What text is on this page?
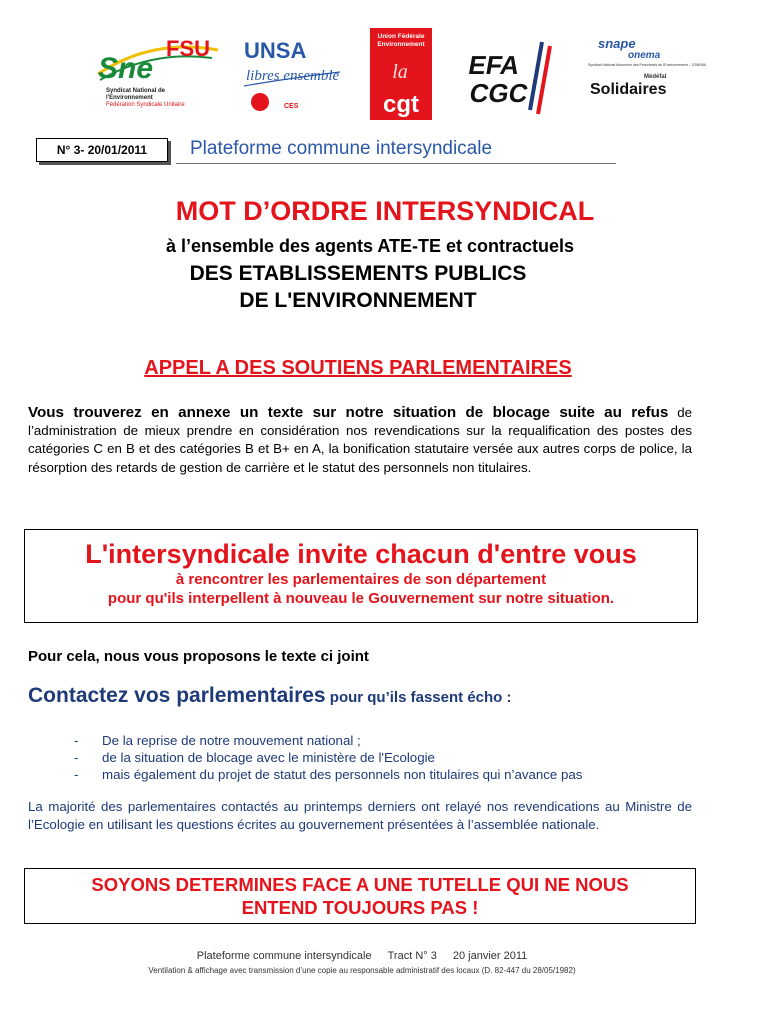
Sne
FSU
Syndicat National de
l'Environnement
Fédération Syndicale Unitaire
UNSA
libres ensemble
CES
Union Fédérale
Environnement
la
cgt
EFA
CGC
snape
onema
Syndicat National Autonome des Personnels de l'Environnement – l'ONEMA
Médéfal
Solidaires
N° 3- 20/01/2011	Plateforme commune intersyndicale
MOT D’ORDRE INTERSYNDICAL
à l’ensemble des agents ATE-TE et contractuels
DES ETABLISSEMENTS PUBLICS
DE L'ENVIRONNEMENT
APPEL A DES SOUTIENS PARLEMENTAIRES
Vous trouverez en annexe un texte sur notre situation de blocage suite au refus de l’administration de mieux prendre en considération nos revendications sur la requalification des postes des catégories C en B et des catégories B et B+ en A, la bonification statutaire versée aux autres corps de police, la résorption des retards de gestion de carrière et le statut des personnels non titulaires.
L'intersyndicale invite chacun d'entre vous
à rencontrer les parlementaires de son département
pour qu'ils interpellent à nouveau le Gouvernement sur notre situation.
Pour cela, nous vous proposons le texte ci joint
Contactez vos parlementaires pour qu’ils fassent écho :
- De la reprise de notre mouvement national ;
- de la situation de blocage avec le ministère de l'Ecologie
- mais également du projet de statut des personnels non titulaires qui n’avance pas
La majorité des parlementaires contactés au printemps derniers ont relayé nos revendications au Ministre de l’Ecologie en utilisant les questions écrites au gouvernement présentées à l’assemblée nationale.
SOYONS DETERMINES FACE A UNE TUTELLE QUI NE NOUS
ENTEND TOUJOURS PAS !
Plateforme commune intersyndicale Tract N° 3 20 janvier 2011
Ventilation & affichage avec transmission d’une copie au responsable administratif des locaux (D. 82-447 du 28/05/1982)
